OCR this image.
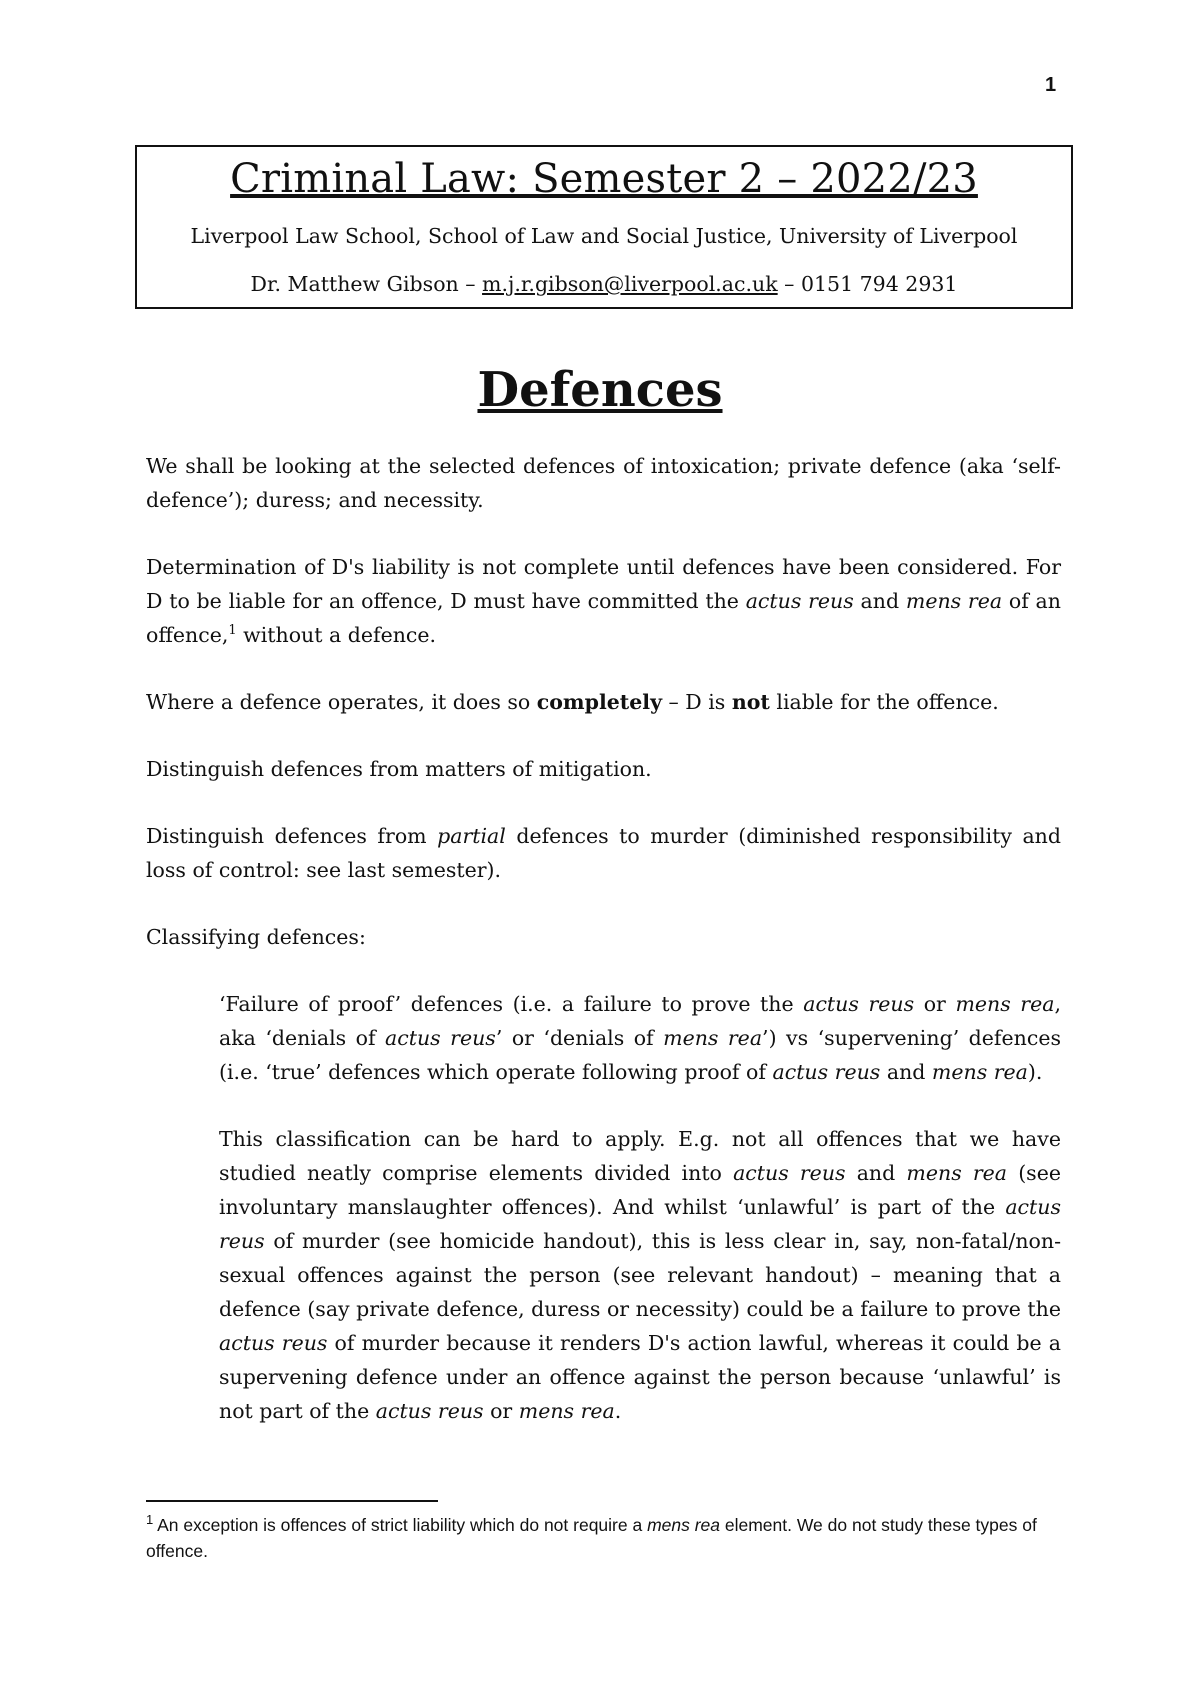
1
Criminal Law: Semester 2 – 2022/23
Liverpool Law School, School of Law and Social Justice, University of Liverpool
Dr. Matthew Gibson – m.j.r.gibson@liverpool.ac.uk – 0151 794 2931
Defences

We shall be looking at the selected defences of intoxication; private defence (aka ‘self-defence’); duress; and necessity.

Determination of D's liability is not complete until defences have been considered. For D to be liable for an offence, D must have committed the actus reus and mens rea of an offence,$^1$ without a defence.

Where a defence operates, it does so completely – D is not liable for the offence.

Distinguish defences from matters of mitigation.

Distinguish defences from partial defences to murder (diminished responsibility and loss of control: see last semester).

Classifying defences:

‘Failure of proof’ defences (i.e. a failure to prove the actus reus or mens rea, aka ‘denials of actus reus’ or ‘denials of mens rea’) vs ‘supervening’ defences (i.e. ‘true’ defences which operate following proof of actus reus and mens rea).

This classification can be hard to apply. E.g. not all offences that we have studied neatly comprise elements divided into actus reus and mens rea (see involuntary manslaughter offences). And whilst ‘unlawful’ is part of the actus reus of murder (see homicide handout), this is less clear in, say, non-fatal/non-sexual offences against the person (see relevant handout) – meaning that a defence (say private defence, duress or necessity) could be a failure to prove the actus reus of murder because it renders D's action lawful, whereas it could be a supervening defence under an offence against the person because ‘unlawful’ is not part of the actus reus or mens rea.

$^1$ An exception is offences of strict liability which do not require a mens rea element. We do not study these types of offence.
